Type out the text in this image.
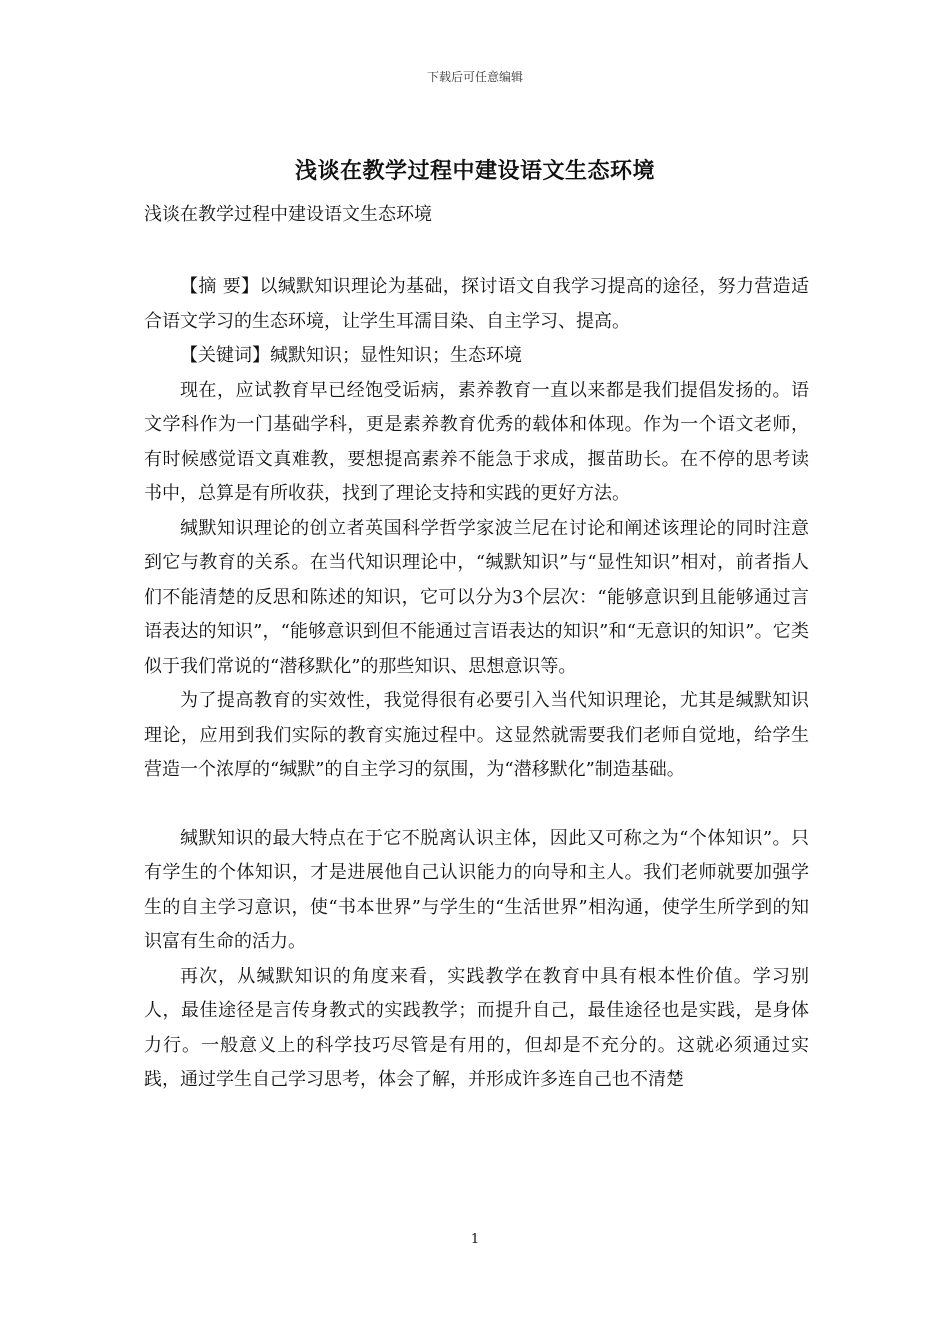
下载后可任意编辑
浅谈在教学过程中建设语文生态环境
浅谈在教学过程中建设语文生态环境

【摘 要】以缄默知识理论为基础，探讨语文自我学习提高的途径，努力营造适合语文学习的生态环境，让学生耳濡目染、自主学习、提高。

【关键词】缄默知识；显性知识；生态环境

现在，应试教育早已经饱受诟病，素养教育一直以来都是我们提倡发扬的。语文学科作为一门基础学科，更是素养教育优秀的载体和体现。作为一个语文老师，有时候感觉语文真难教，要想提高素养不能急于求成，揠苗助长。在不停的思考读书中，总算是有所收获，找到了理论支持和实践的更好方法。

缄默知识理论的创立者英国科学哲学家波兰尼在讨论和阐述该理论的同时注意到它与教育的关系。在当代知识理论中，“缄默知识”与“显性知识”相对，前者指人们不能清楚的反思和陈述的知识，它可以分为3个层次：“能够意识到且能够通过言语表达的知识”，“能够意识到但不能通过言语表达的知识”和“无意识的知识”。它类似于我们常说的“潜移默化”的那些知识、思想意识等。

为了提高教育的实效性，我觉得很有必要引入当代知识理论，尤其是缄默知识理论，应用到我们实际的教育实施过程中。这显然就需要我们老师自觉地，给学生营造一个浓厚的“缄默”的自主学习的氛围，为“潜移默化”制造基础。

缄默知识的最大特点在于它不脱离认识主体，因此又可称之为“个体知识”。只有学生的个体知识，才是进展他自己认识能力的向导和主人。我们老师就要加强学生的自主学习意识，使“书本世界”与学生的“生活世界”相沟通，使学生所学到的知识富有生命的活力。

再次，从缄默知识的角度来看，实践教学在教育中具有根本性价值。学习别人，最佳途径是言传身教式的实践教学；而提升自己，最佳途径也是实践，是身体力行。一般意义上的科学技巧尽管是有用的，但却是不充分的。这就必须通过实践，通过学生自己学习思考，体会了解，并形成许多连自己也不清楚

1
